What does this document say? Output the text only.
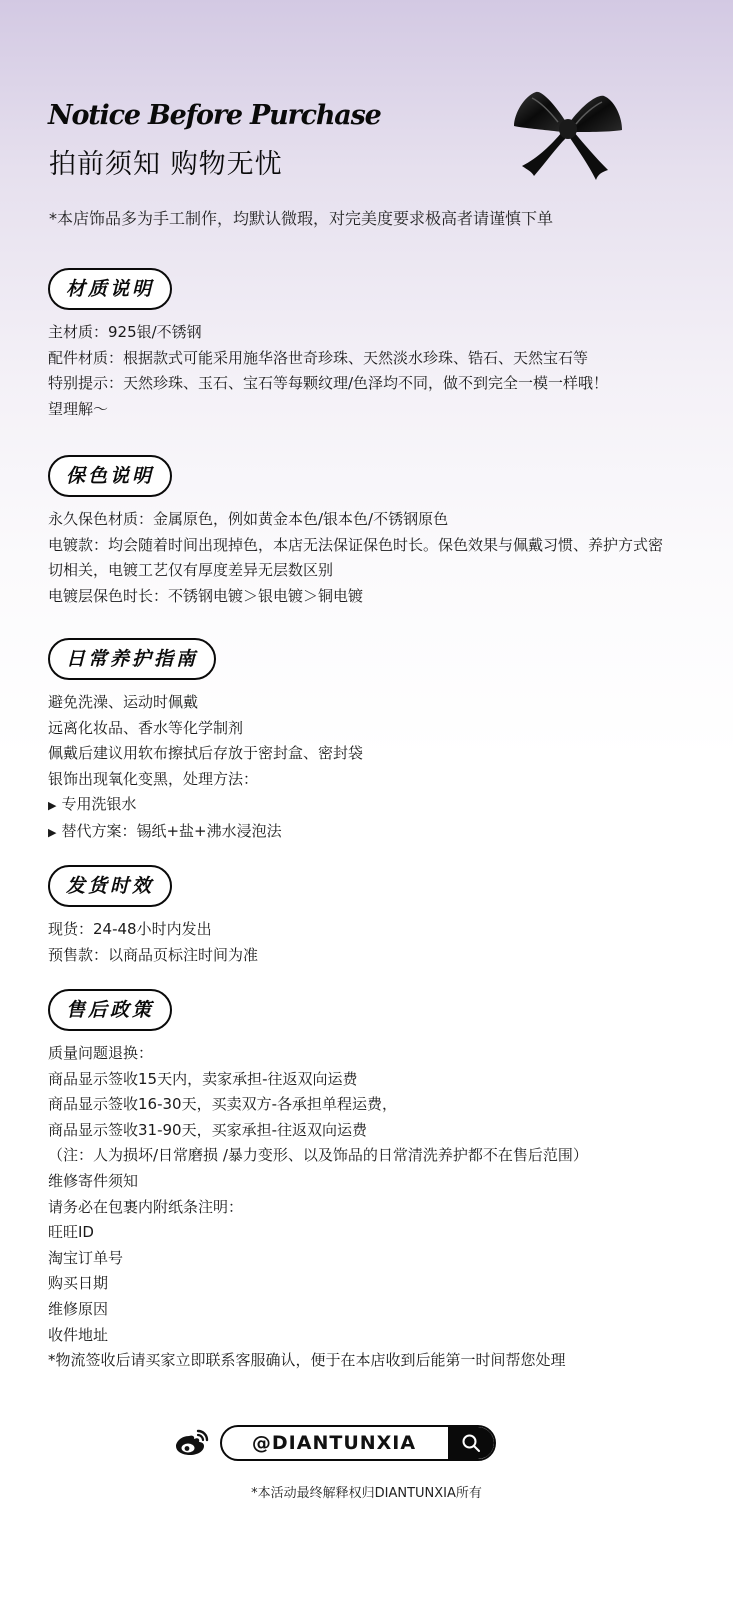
Notice Before Purchase
拍前须知 购物无忧
*本店饰品多为手工制作，均默认微瑕，对完美度要求极高者请谨慎下单
材质说明
主材质：925银/不锈钢
配件材质：根据款式可能采用施华洛世奇珍珠、天然淡水珍珠、锆石、天然宝石等
特别提示：天然珍珠、玉石、宝石等每颗纹理/色泽均不同，做不到完全一模一样哦！
望理解～
保色说明
永久保色材质：金属原色，例如黄金本色/银本色/不锈钢原色
电镀款：均会随着时间出现掉色，本店无法保证保色时长。保色效果与佩戴习惯、养护方式密切相关，电镀工艺仅有厚度差异无层数区别
电镀层保色时长：不锈钢电镀＞银电镀＞铜电镀
日常养护指南
避免洗澡、运动时佩戴
远离化妆品、香水等化学制剂
佩戴后建议用软布擦拭后存放于密封盒、密封袋
银饰出现氧化变黑，处理方法：
▶ 专用洗银水
▶ 替代方案：锡纸+盐+沸水浸泡法
发货时效
现货：24-48小时内发出
预售款：以商品页标注时间为准
售后政策
质量问题退换：
商品显示签收15天内，卖家承担-往返双向运费
商品显示签收16-30天，买卖双方-各承担单程运费，
商品显示签收31-90天，买家承担-往返双向运费
（注：人为损坏/日常磨损 /暴力变形、以及饰品的日常清洗养护都不在售后范围）
维修寄件须知
请务必在包裹内附纸条注明：
旺旺ID
淘宝订单号
购买日期
维修原因
收件地址
*物流签收后请买家立即联系客服确认，便于在本店收到后能第一时间帮您处理
@DIANTUNXIA
*本活动最终解释权归DIANTUNXIA所有
